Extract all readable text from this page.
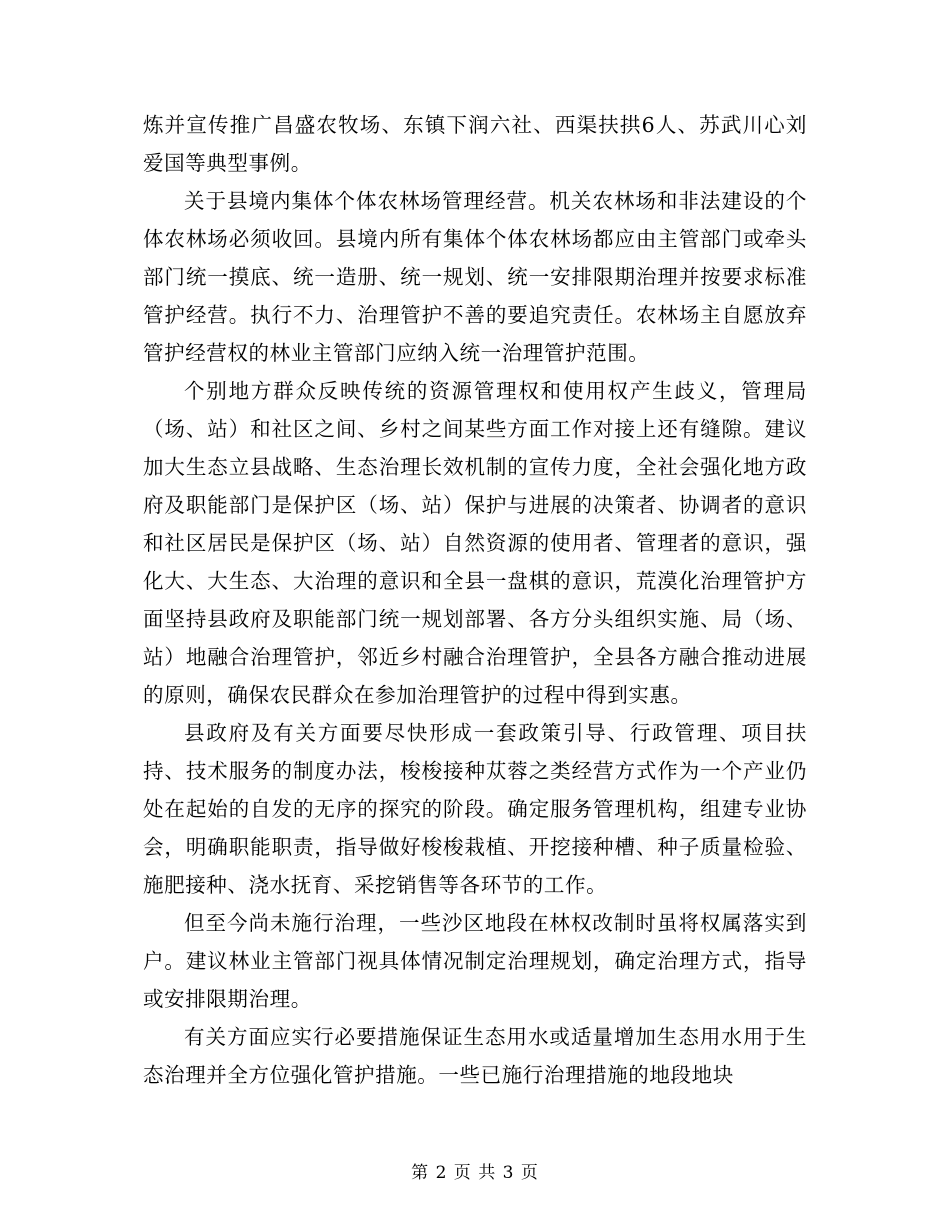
炼并宣传推广昌盛农牧场、东镇下润六社、西渠扶拱6人、苏武川心刘爱国等典型事例。

关于县境内集体个体农林场管理经营。机关农林场和非法建设的个体农林场必须收回。县境内所有集体个体农林场都应由主管部门或牵头部门统一摸底、统一造册、统一规划、统一安排限期治理并按要求标准管护经营。执行不力、治理管护不善的要追究责任。农林场主自愿放弃管护经营权的林业主管部门应纳入统一治理管护范围。

个别地方群众反映传统的资源管理权和使用权产生歧义，管理局（场、站）和社区之间、乡村之间某些方面工作对接上还有缝隙。建议加大生态立县战略、生态治理长效机制的宣传力度，全社会强化地方政府及职能部门是保护区（场、站）保护与进展的决策者、协调者的意识和社区居民是保护区（场、站）自然资源的使用者、管理者的意识，强化大、大生态、大治理的意识和全县一盘棋的意识，荒漠化治理管护方面坚持县政府及职能部门统一规划部署、各方分头组织实施、局（场、站）地融合治理管护，邻近乡村融合治理管护，全县各方融合推动进展的原则，确保农民群众在参加治理管护的过程中得到实惠。

县政府及有关方面要尽快形成一套政策引导、行政管理、项目扶持、技术服务的制度办法，梭梭接种苁蓉之类经营方式作为一个产业仍处在起始的自发的无序的探究的阶段。确定服务管理机构，组建专业协会，明确职能职责，指导做好梭梭栽植、开挖接种槽、种子质量检验、施肥接种、浇水抚育、采挖销售等各环节的工作。

但至今尚未施行治理，一些沙区地段在林权改制时虽将权属落实到户。建议林业主管部门视具体情况制定治理规划，确定治理方式，指导或安排限期治理。

有关方面应实行必要措施保证生态用水或适量增加生态用水用于生态治理并全方位强化管护措施。一些已施行治理措施的地段地块

第 2 页 共 3 页
